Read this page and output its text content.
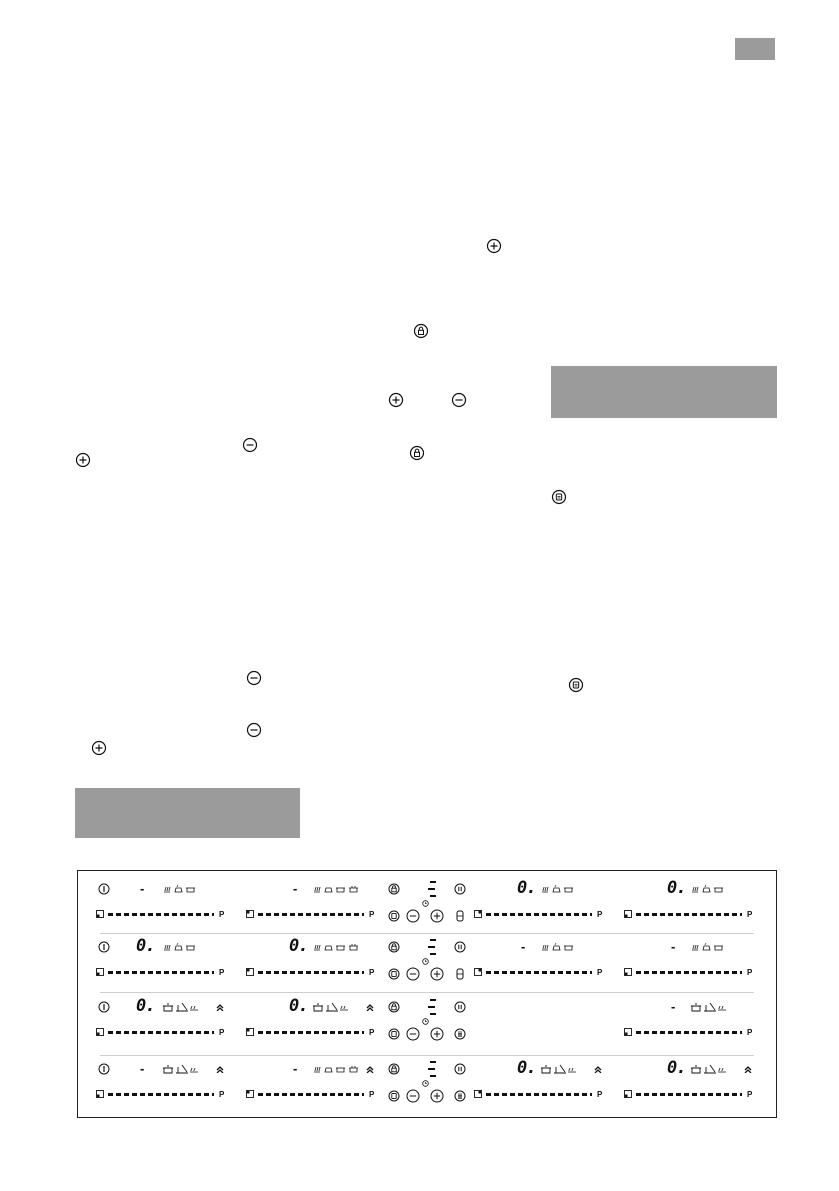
-
P
-
P
0.
P
0.
P
0.
P
0.
P
-
P
-
P
0.
P
0.
P
-
P
-
P
-
P
0.
P
0.
P
